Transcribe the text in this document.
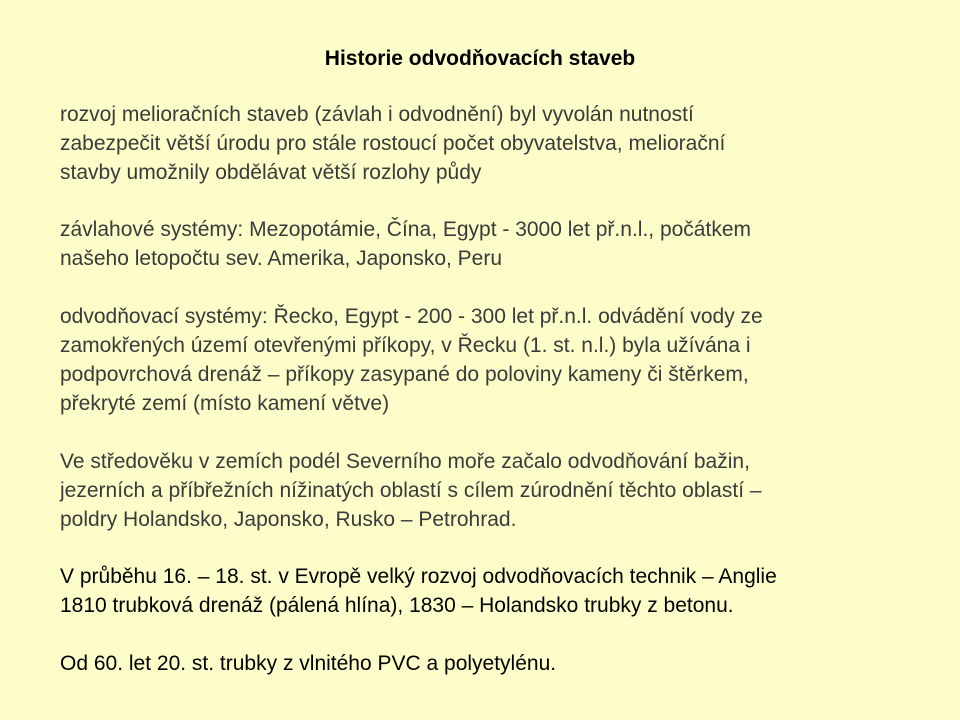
Historie odvodňovacích staveb
rozvoj melioračních staveb (závlah i odvodnění) byl vyvolán nutností
zabezpečit větší úrodu pro stále rostoucí počet obyvatelstva, meliorační
stavby umožnily obdělávat větší rozlohy půdy
závlahové systémy: Mezopotámie, Čína, Egypt - 3000 let př.n.l., počátkem
našeho letopočtu sev. Amerika, Japonsko, Peru
odvodňovací systémy: Řecko, Egypt - 200 - 300 let př.n.l. odvádění vody ze
zamokřených území otevřenými příkopy, v Řecku (1. st. n.l.) byla užívána i
podpovrchová drenáž – příkopy zasypané do poloviny kameny či štěrkem,
překryté zemí (místo kamení větve)
Ve středověku v zemích podél Severního moře začalo odvodňování bažin,
jezerních a příbřežních nížinatých oblastí s cílem zúrodnění těchto oblastí –
poldry Holandsko, Japonsko, Rusko – Petrohrad.
V průběhu 16. – 18. st. v Evropě velký rozvoj odvodňovacích technik – Anglie
1810 trubková drenáž (pálená hlína), 1830 – Holandsko trubky z betonu.
Od 60. let 20. st. trubky z vlnitého PVC a polyetylénu.
